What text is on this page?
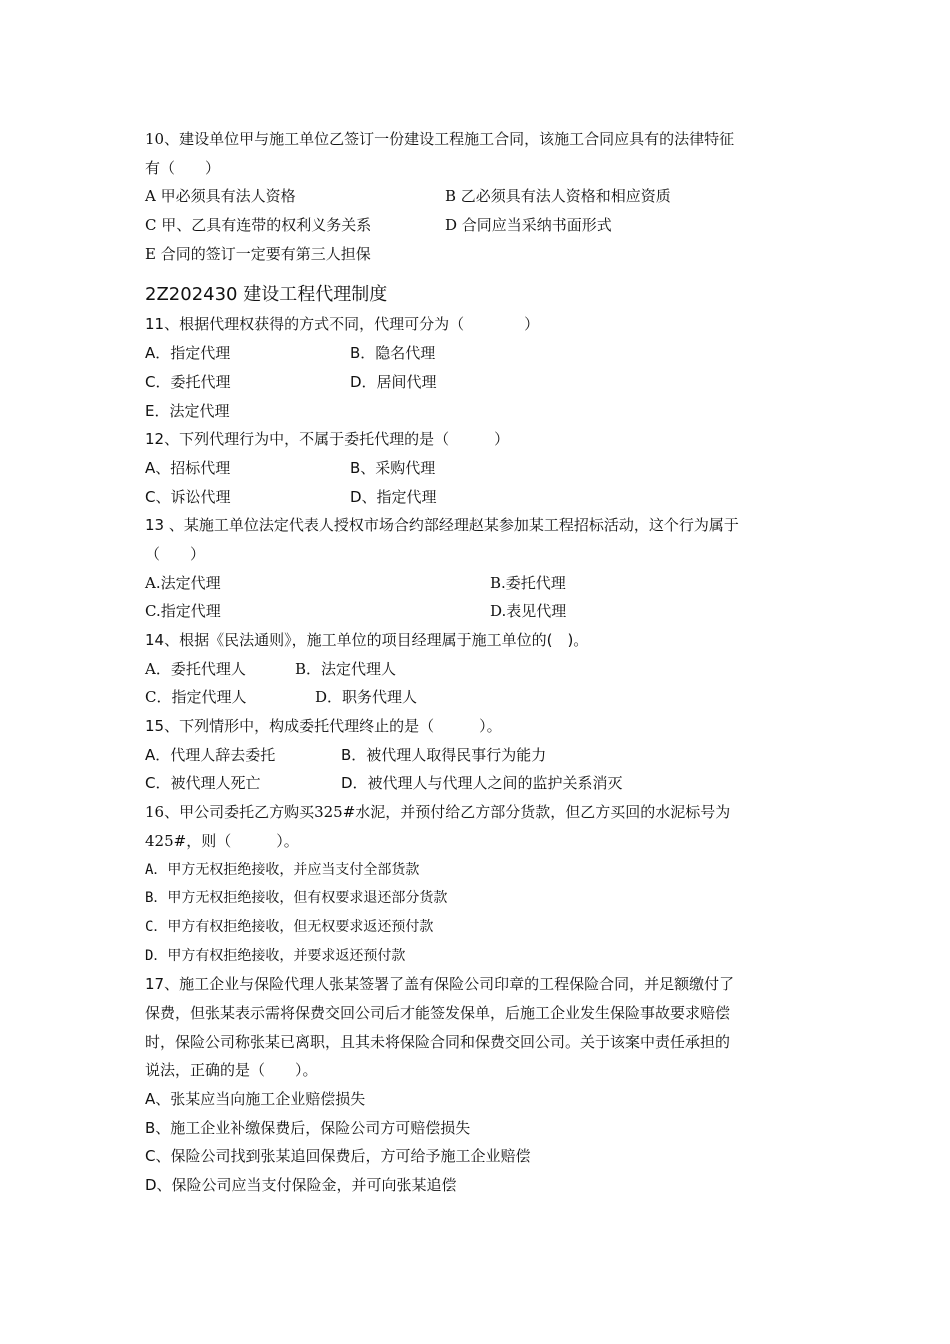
10、建设单位甲与施工单位乙签订一份建设工程施工合同，该施工合同应具有的法律特征
有（　　）
A 甲必须具有法人资格	B 乙必须具有法人资格和相应资质
C 甲、乙具有连带的权利义务关系	D 合同应当采纳书面形式
E 合同的签订一定要有第三人担保
2Z202430 建设工程代理制度
11、根据代理权获得的方式不同，代理可分为（　　　　）
A．指定代理	B．隐名代理
C．委托代理	D．居间代理
E．法定代理
12、下列代理行为中，不属于委托代理的是（　　　）
A、招标代理	B、采购代理
C、诉讼代理	D、指定代理
13 、某施工单位法定代表人授权市场合约部经理赵某参加某工程招标活动，这个行为属于
（　　）
A.法定代理	B.委托代理
C.指定代理	D.表见代理
14、根据《民法通则》，施工单位的项目经理属于施工单位的(　)。
A．委托代理人	B．法定代理人
C．指定代理人	D．职务代理人
15、下列情形中，构成委托代理终止的是（　　　）。
A．代理人辞去委托	B．被代理人取得民事行为能力
C．被代理人死亡	D．被代理人与代理人之间的监护关系消灭
16、甲公司委托乙方购买325#水泥，并预付给乙方部分货款，但乙方买回的水泥标号为
425#，则（　　　）。
A．甲方无权拒绝接收，并应当支付全部货款
B．甲方无权拒绝接收，但有权要求退还部分货款
C．甲方有权拒绝接收，但无权要求返还预付款
D．甲方有权拒绝接收，并要求返还预付款
17、施工企业与保险代理人张某签署了盖有保险公司印章的工程保险合同，并足额缴付了
保费，但张某表示需将保费交回公司后才能签发保单，后施工企业发生保险事故要求赔偿
时，保险公司称张某已离职，且其未将保险合同和保费交回公司。关于该案中责任承担的
说法，正确的是（　　）。
A、张某应当向施工企业赔偿损失
B、施工企业补缴保费后，保险公司方可赔偿损失
C、保险公司找到张某追回保费后，方可给予施工企业赔偿
D、保险公司应当支付保险金，并可向张某追偿
